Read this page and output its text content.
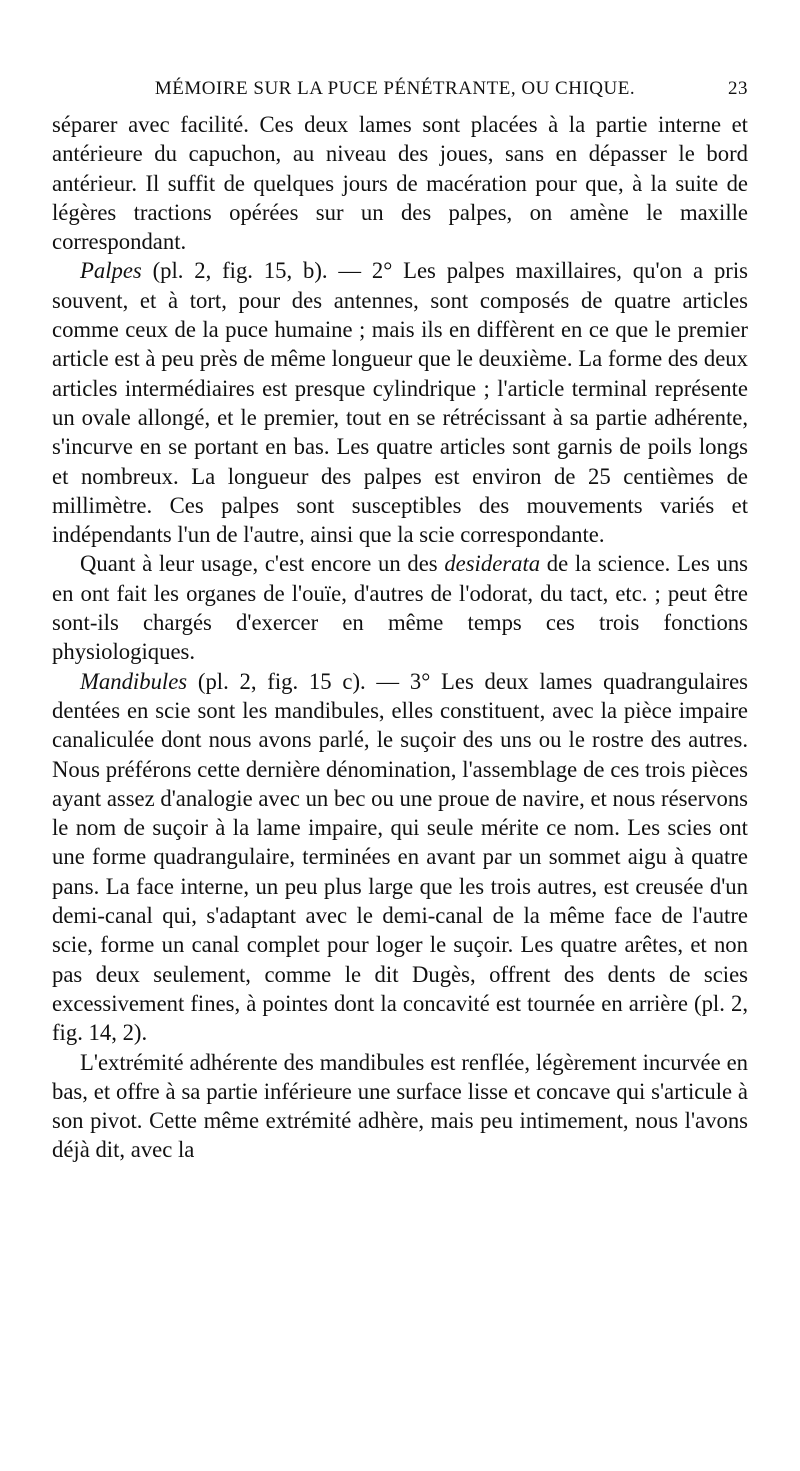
MÉMOIRE SUR LA PUCE PÉNÉTRANTE, OU CHIQUE.	23

séparer avec facilité. Ces deux lames sont placées à la partie interne et antérieure du capuchon, au niveau des joues, sans en dépasser le bord antérieur. Il suffit de quelques jours de macération pour que, à la suite de légères tractions opérées sur un des palpes, on amène le maxille correspondant.

Palpes (pl. 2, fig. 15, b). — 2° Les palpes maxillaires, qu'on a pris souvent, et à tort, pour des antennes, sont composés de quatre articles comme ceux de la puce humaine ; mais ils en diffèrent en ce que le premier article est à peu près de même longueur que le deuxième. La forme des deux articles intermédiaires est presque cylindrique ; l'article terminal représente un ovale allongé, et le premier, tout en se rétrécissant à sa partie adhérente, s'incurve en se portant en bas. Les quatre articles sont garnis de poils longs et nombreux. La longueur des palpes est environ de 25 centièmes de millimètre. Ces palpes sont susceptibles des mouvements variés et indépendants l'un de l'autre, ainsi que la scie correspondante.

Quant à leur usage, c'est encore un des desiderata de la science. Les uns en ont fait les organes de l'ouïe, d'autres de l'odorat, du tact, etc. ; peut être sont-ils chargés d'exercer en même temps ces trois fonctions physiologiques.

Mandibules (pl. 2, fig. 15 c). — 3° Les deux lames quadrangulaires dentées en scie sont les mandibules, elles constituent, avec la pièce impaire canaliculée dont nous avons parlé, le suçoir des uns ou le rostre des autres. Nous préférons cette dernière dénomination, l'assemblage de ces trois pièces ayant assez d'analogie avec un bec ou une proue de navire, et nous réservons le nom de suçoir à la lame impaire, qui seule mérite ce nom. Les scies ont une forme quadrangulaire, terminées en avant par un sommet aigu à quatre pans. La face interne, un peu plus large que les trois autres, est creusée d'un demi-canal qui, s'adaptant avec le demi-canal de la même face de l'autre scie, forme un canal complet pour loger le suçoir. Les quatre arêtes, et non pas deux seulement, comme le dit Dugès, offrent des dents de scies excessivement fines, à pointes dont la concavité est tournée en arrière (pl. 2, fig. 14, 2).

L'extrémité adhérente des mandibules est renflée, légèrement incurvée en bas, et offre à sa partie inférieure une surface lisse et concave qui s'articule à son pivot. Cette même extrémité adhère, mais peu intimement, nous l'avons déjà dit, avec la
